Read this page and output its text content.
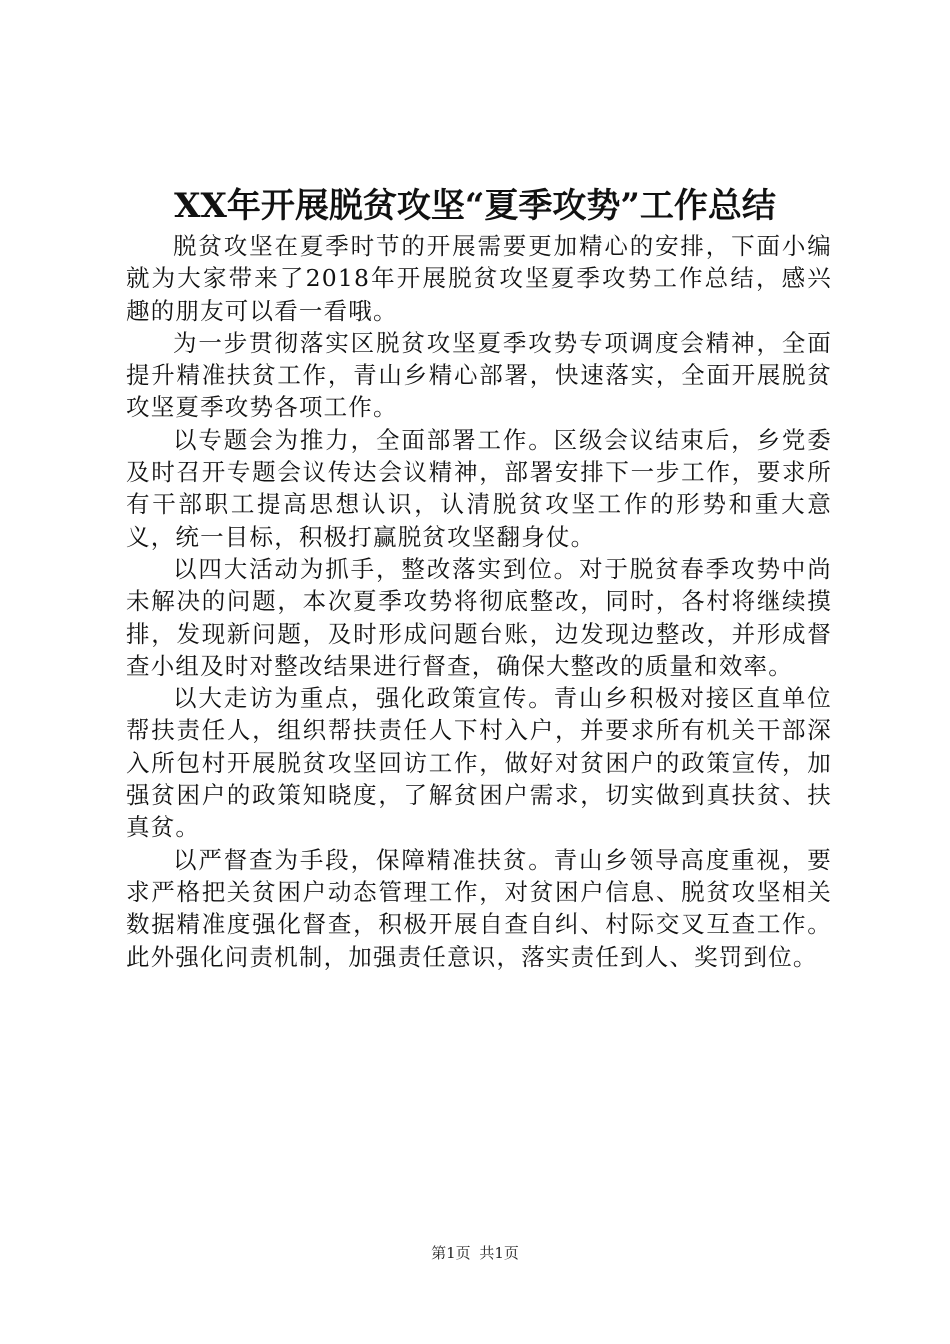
XX年开展脱贫攻坚“夏季攻势”工作总结

脱贫攻坚在夏季时节的开展需要更加精心的安排，下面小编就为大家带来了2018年开展脱贫攻坚夏季攻势工作总结，感兴趣的朋友可以看一看哦。

为一步贯彻落实区脱贫攻坚夏季攻势专项调度会精神，全面提升精准扶贫工作，青山乡精心部署，快速落实，全面开展脱贫攻坚夏季攻势各项工作。

以专题会为推力，全面部署工作。区级会议结束后，乡党委及时召开专题会议传达会议精神，部署安排下一步工作，要求所有干部职工提高思想认识，认清脱贫攻坚工作的形势和重大意义，统一目标，积极打赢脱贫攻坚翻身仗。

以四大活动为抓手，整改落实到位。对于脱贫春季攻势中尚未解决的问题，本次夏季攻势将彻底整改，同时，各村将继续摸排，发现新问题，及时形成问题台账，边发现边整改，并形成督查小组及时对整改结果进行督查，确保大整改的质量和效率。

以大走访为重点，强化政策宣传。青山乡积极对接区直单位帮扶责任人，组织帮扶责任人下村入户，并要求所有机关干部深入所包村开展脱贫攻坚回访工作，做好对贫困户的政策宣传，加强贫困户的政策知晓度，了解贫困户需求，切实做到真扶贫、扶真贫。

以严督查为手段，保障精准扶贫。青山乡领导高度重视，要求严格把关贫困户动态管理工作，对贫困户信息、脱贫攻坚相关数据精准度强化督查，积极开展自查自纠、村际交叉互查工作。此外强化问责机制，加强责任意识，落实责任到人、奖罚到位。

第1页 共1页
